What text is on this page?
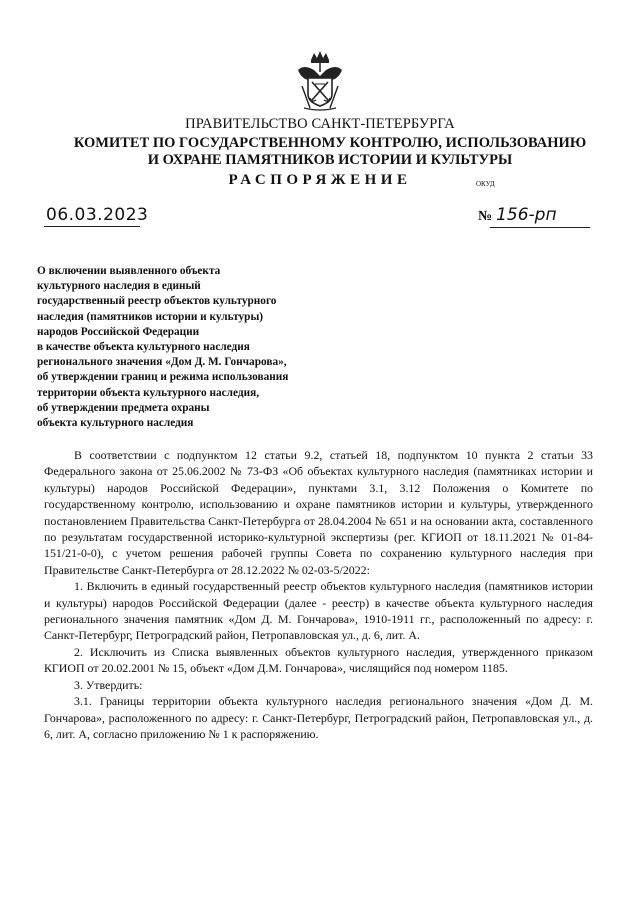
ПРАВИТЕЛЬСТВО САНКТ-ПЕТЕРБУРГА
КОМИТЕТ ПО ГОСУДАРСТВЕННОМУ КОНТРОЛЮ, ИСПОЛЬЗОВАНИЮ
И ОХРАНЕ ПАМЯТНИКОВ ИСТОРИИ И КУЛЬТУРЫ
РАСПОРЯЖЕНИЕ	ОКУД
06.03.2023	№ 156-рп
О включении выявленного объекта
культурного наследия в единый
государственный реестр объектов культурного
наследия (памятников истории и культуры)
народов Российской Федерации
в качестве объекта культурного наследия
регионального значения «Дом Д. М. Гончарова»,
об утверждении границ и режима использования
территории объекта культурного наследия,
об утверждении предмета охраны
объекта культурного наследия

В соответствии с подпунктом 12 статьи 9.2, статьей 18, подпунктом 10 пункта 2 статьи 33 Федерального закона от 25.06.2002 № 73-ФЗ «Об объектах культурного наследия (памятниках истории и культуры) народов Российской Федерации», пунктами 3.1, 3.12 Положения о Комитете по государственному контролю, использованию и охране памятников истории и культуры, утвержденного постановлением Правительства Санкт-Петербурга от 28.04.2004 № 651 и на основании акта, составленного по результатам государственной историко-культурной экспертизы (рег. КГИОП от 18.11.2021 № 01-84-151/21-0-0), с учетом решения рабочей группы Совета по сохранению культурного наследия при Правительстве Санкт-Петербурга от 28.12.2022 № 02-03-5/2022:

1. Включить в единый государственный реестр объектов культурного наследия (памятников истории и культуры) народов Российской Федерации (далее - реестр) в качестве объекта культурного наследия регионального значения памятник «Дом Д. М. Гончарова», 1910-1911 гг., расположенный по адресу: г. Санкт-Петербург, Петроградский район, Петропавловская ул., д. 6, лит. А.

2. Исключить из Списка выявленных объектов культурного наследия, утвержденного приказом КГИОП от 20.02.2001 № 15, объект «Дом Д.М. Гончарова», числящийся под номером 1185.

3. Утвердить:

3.1. Границы территории объекта культурного наследия регионального значения «Дом Д. М. Гончарова», расположенного по адресу: г. Санкт-Петербург, Петроградский район, Петропавловская ул., д. 6, лит. А, согласно приложению № 1 к распоряжению.
